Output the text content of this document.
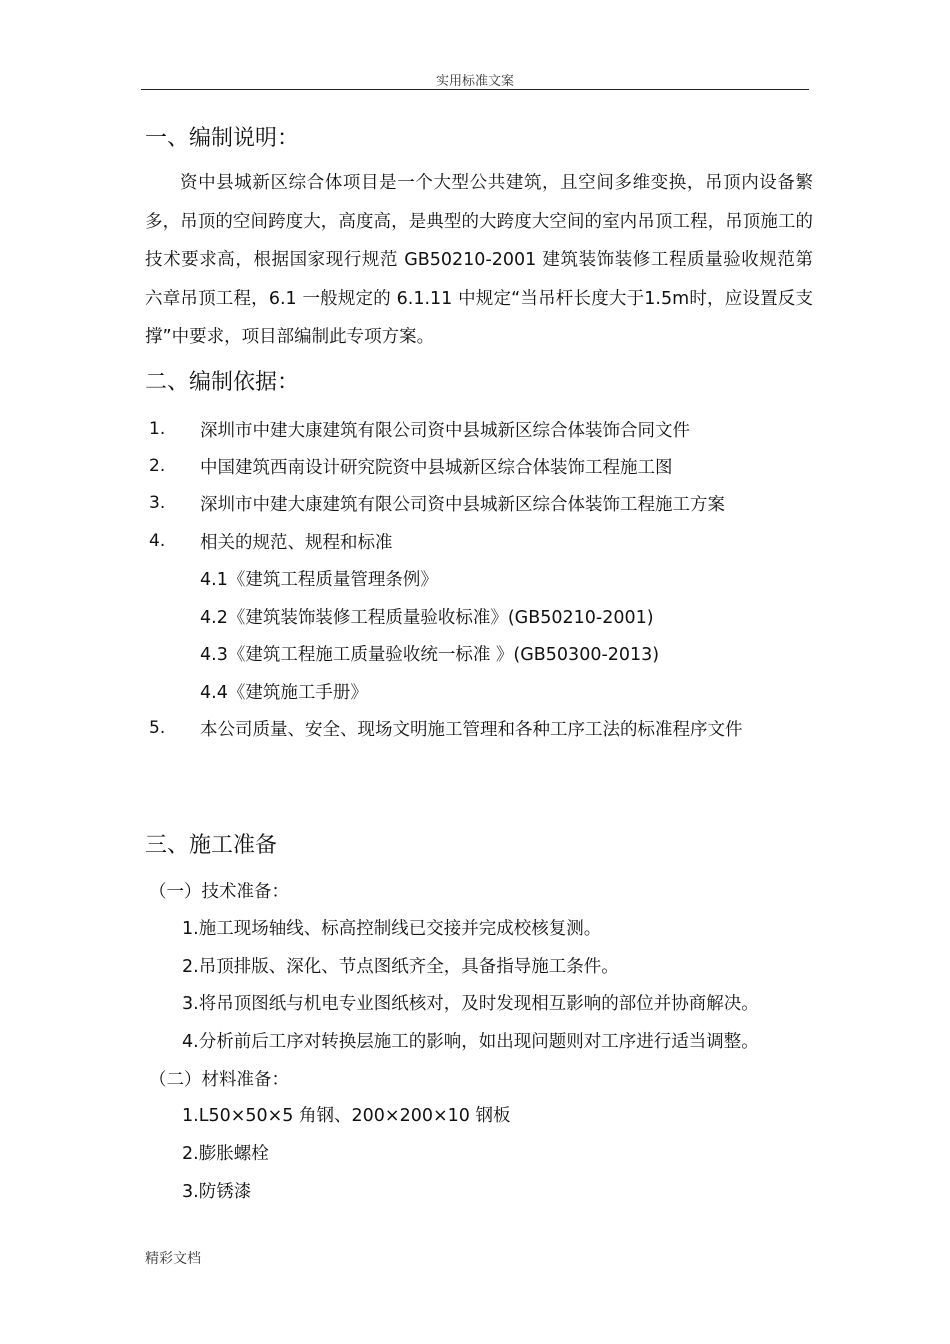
实用标准文案
一、编制说明：
资中县城新区综合体项目是一个大型公共建筑，且空间多维变换，吊顶内设备繁多，吊顶的空间跨度大，高度高，是典型的大跨度大空间的室内吊顶工程，吊顶施工的技术要求高，根据国家现行规范 GB50210-2001 建筑装饰装修工程质量验收规范第六章吊顶工程，6.1 一般规定的 6.1.11 中规定“当吊杆长度大于1.5m时，应设置反支撑”中要求，项目部编制此专项方案。
二、编制依据：
1. 深圳市中建大康建筑有限公司资中县城新区综合体装饰合同文件
2. 中国建筑西南设计研究院资中县城新区综合体装饰工程施工图
3. 深圳市中建大康建筑有限公司资中县城新区综合体装饰工程施工方案
4. 相关的规范、规程和标准
4.1《建筑工程质量管理条例》
4.2《建筑装饰装修工程质量验收标准》(GB50210-2001)
4.3《建筑工程施工质量验收统一标准 》(GB50300-2013)
4.4《建筑施工手册》
5. 本公司质量、安全、现场文明施工管理和各种工序工法的标准程序文件
三、施工准备
（一）技术准备：
1.施工现场轴线、标高控制线已交接并完成校核复测。
2.吊顶排版、深化、节点图纸齐全，具备指导施工条件。
3.将吊顶图纸与机电专业图纸核对，及时发现相互影响的部位并协商解决。
4.分析前后工序对转换层施工的影响，如出现问题则对工序进行适当调整。
（二）材料准备：
1.L50×50×5 角钢、200×200×10 钢板
2.膨胀螺栓
3.防锈漆
精彩文档
